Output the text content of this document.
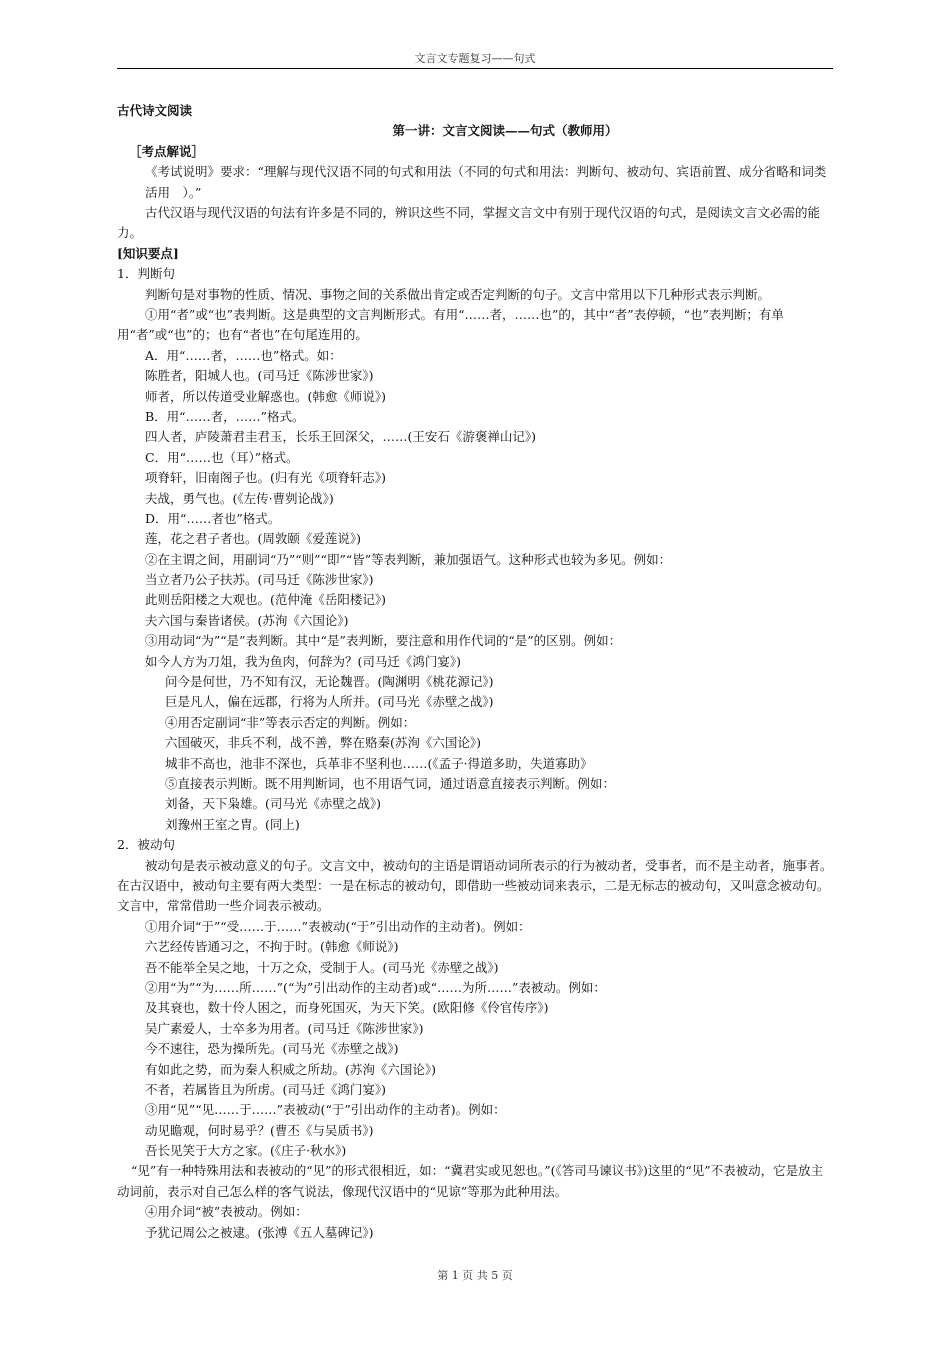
文言文专题复习——句式
古代诗文阅读
第一讲：文言文阅读——句式（教师用）
［考点解说］
《考试说明》要求：“理解与现代汉语不同的句式和用法（不同的句式和用法：判断句、被动句、宾语前置、成分省略和词类活用　）。”
古代汉语与现代汉语的句法有许多是不同的，辨识这些不同，掌握文言文中有别于现代汉语的句式，是阅读文言文必需的能力。
[知识要点]
1．判断句
判断句是对事物的性质、情况、事物之间的关系做出肯定或否定判断的句子。文言中常用以下几种形式表示判断。
①用“者”或“也”表判断。这是典型的文言判断形式。有用“……者，……也”的，其中“者”表停顿，“也”表判断；有单用“者”或“也”的；也有“者也”在句尾连用的。
A．用“……者，……也”格式。如：
陈胜者，阳城人也。(司马迁《陈涉世家》)
师者，所以传道受业解惑也。(韩愈《师说》)
B．用“……者，……”格式。
四人者，庐陵萧君圭君玉，长乐王回深父，……(王安石《游褒禅山记》)
C．用“……也（耳）”格式。
项脊轩，旧南阁子也。(归有光《项脊轩志》)
夫战，勇气也。(《左传·曹刿论战》)
D．用“……者也”格式。
莲，花之君子者也。(周敦颐《爱莲说》)
②在主谓之间，用副词“乃”“则”“即”“皆”等表判断，兼加强语气。这种形式也较为多见。例如：
当立者乃公子扶苏。(司马迁《陈涉世家》)
此则岳阳楼之大观也。(范仲淹《岳阳楼记》)
夫六国与秦皆诸侯。(苏洵《六国论》)
③用动词“为”“是”表判断。其中“是”表判断，要注意和用作代词的“是”的区别。例如：
如今人方为刀俎，我为鱼肉，何辞为？(司马迁《鸿门宴》)
问今是何世，乃不知有汉，无论魏晋。(陶渊明《桃花源记》)
巨是凡人，偏在远郡，行将为人所并。(司马光《赤壁之战》)
④用否定副词“非”等表示否定的判断。例如：
六国破灭，非兵不利，战不善，弊在赂秦(苏洵《六国论》)
城非不高也，池非不深也，兵革非不坚利也……(《孟子·得道多助，失道寡助》
⑤直接表示判断。既不用判断词，也不用语气词，通过语意直接表示判断。例如：
刘备，天下枭雄。(司马光《赤壁之战》)
刘豫州王室之胄。(同上)
2．被动句
被动句是表示被动意义的句子。文言文中，被动句的主语是谓语动词所表示的行为被动者，受事者，而不是主动者，施事者。在古汉语中，被动句主要有两大类型：一是在标志的被动句，即借助一些被动词来表示，二是无标志的被动句，又叫意念被动句。文言中，常常借助一些介词表示被动。
①用介词“于”“受……于……”表被动(“于”引出动作的主动者)。例如：
六艺经传皆通习之，不拘于时。(韩愈《师说》)
吾不能举全吴之地，十万之众，受制于人。(司马光《赤壁之战》)
②用“为”“为……所……”(“为”引出动作的主动者)或“……为所……”表被动。例如：
及其衰也，数十伶人困之，而身死国灭，为天下笑。(欧阳修《伶官传序》)
吴广素爱人，士卒多为用者。(司马迁《陈涉世家》)
今不速往，恐为操所先。(司马光《赤壁之战》)
有如此之势，而为秦人积威之所劫。(苏洵《六国论》)
不者，若属皆且为所虏。(司马迁《鸿门宴》)
③用“见”“见……于……”表被动(“于”引出动作的主动者)。例如：
动见瞻观，何时易乎？(曹丕《与吴质书》)
吾长见笑于大方之家。(《庄子·秋水》)
“见”有一种特殊用法和表被动的“见”的形式很相近，如：“冀君实或见恕也。”(《答司马谏议书》)这里的“见”不表被动，它是放主动词前，表示对自己怎么样的客气说法，像现代汉语中的“见谅”等那为此种用法。
④用介词“被”表被动。例如：
予犹记周公之被逮。(张溥《五人墓碑记》)
第 1 页 共 5 页
